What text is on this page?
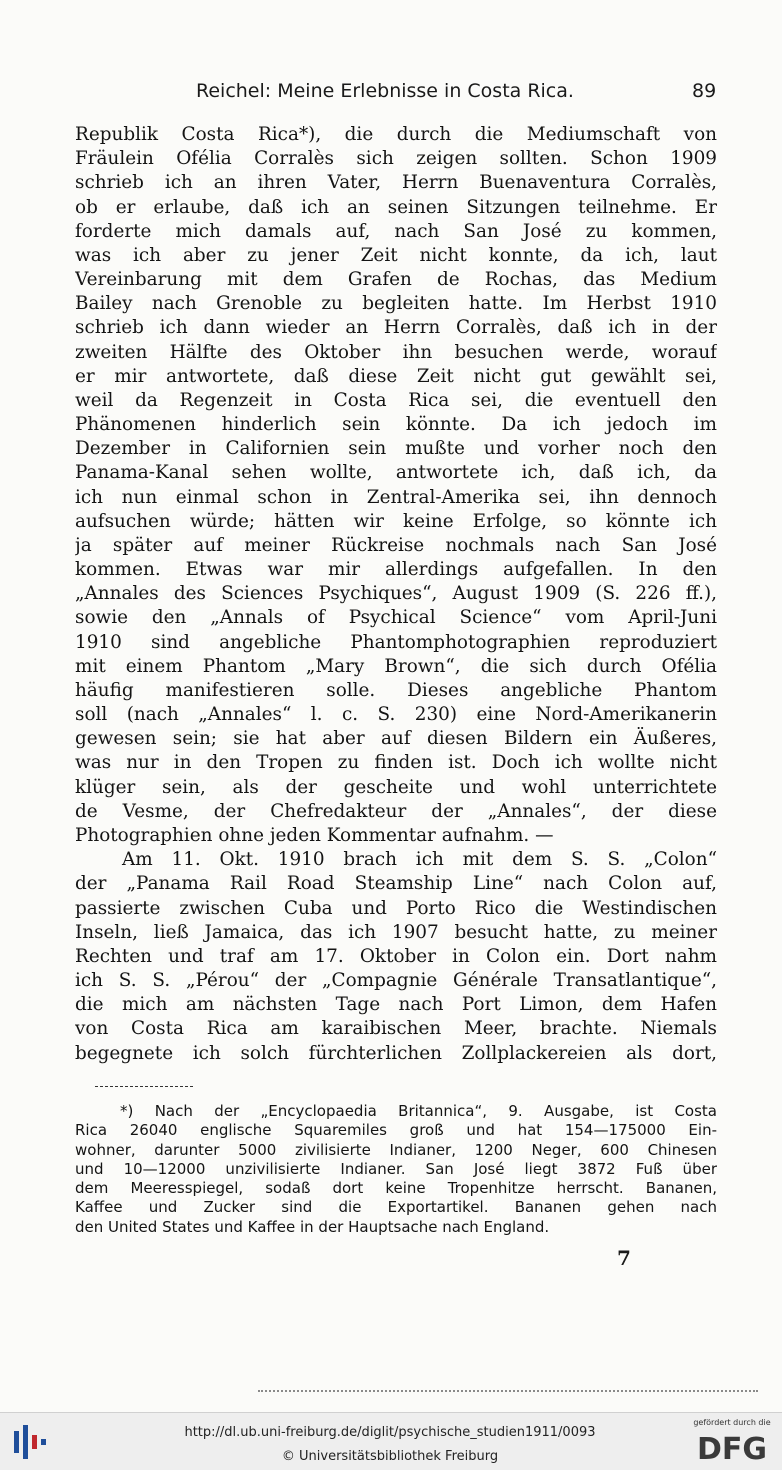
Reichel: Meine Erlebnisse in Costa Rica.	89
Republik Costa Rica*), die durch die Mediumschaft von
Fräulein Ofélia Corralès sich zeigen sollten. Schon 1909
schrieb ich an ihren Vater, Herrn Buenaventura Corralès,
ob er erlaube, daß ich an seinen Sitzungen teilnehme. Er
forderte mich damals auf, nach San José zu kommen,
was ich aber zu jener Zeit nicht konnte, da ich, laut
Vereinbarung mit dem Grafen de Rochas, das Medium
Bailey nach Grenoble zu begleiten hatte. Im Herbst 1910
schrieb ich dann wieder an Herrn Corralès, daß ich in der
zweiten Hälfte des Oktober ihn besuchen werde, worauf
er mir antwortete, daß diese Zeit nicht gut gewählt sei,
weil da Regenzeit in Costa Rica sei, die eventuell den
Phänomenen hinderlich sein könnte. Da ich jedoch im
Dezember in Californien sein mußte und vorher noch den
Panama-Kanal sehen wollte, antwortete ich, daß ich, da
ich nun einmal schon in Zentral-Amerika sei, ihn dennoch
aufsuchen würde; hätten wir keine Erfolge, so könnte ich
ja später auf meiner Rückreise nochmals nach San José
kommen. Etwas war mir allerdings aufgefallen. In den
„Annales des Sciences Psychiques“, August 1909 (S. 226 ff.),
sowie den „Annals of Psychical Science“ vom April-Juni
1910 sind angebliche Phantomphotographien reproduziert
mit einem Phantom „Mary Brown“, die sich durch Ofélia
häufig manifestieren solle. Dieses angebliche Phantom
soll (nach „Annales“ l. c. S. 230) eine Nord-Amerikanerin
gewesen sein; sie hat aber auf diesen Bildern ein Äußeres,
was nur in den Tropen zu finden ist. Doch ich wollte nicht
klüger sein, als der gescheite und wohl unterrichtete
de Vesme, der Chefredakteur der „Annales“, der diese
Photographien ohne jeden Kommentar aufnahm. —
Am 11. Okt. 1910 brach ich mit dem S. S. „Colon“
der „Panama Rail Road Steamship Line“ nach Colon auf,
passierte zwischen Cuba und Porto Rico die Westindischen
Inseln, ließ Jamaica, das ich 1907 besucht hatte, zu meiner
Rechten und traf am 17. Oktober in Colon ein. Dort nahm
ich S. S. „Pérou“ der „Compagnie Générale Transatlantique“,
die mich am nächsten Tage nach Port Limon, dem Hafen
von Costa Rica am karaibischen Meer, brachte. Niemals
begegnete ich solch fürchterlichen Zollplackereien als dort,
*) Nach der „Encyclopaedia Britannica“, 9. Ausgabe, ist Costa
Rica 26040 englische Squaremiles groß und hat 154—175000 Ein-
wohner, darunter 5000 zivilisierte Indianer, 1200 Neger, 600 Chinesen
und 10—12000 unzivilisierte Indianer. San José liegt 3872 Fuß über
dem Meeresspiegel, sodaß dort keine Tropenhitze herrscht. Bananen,
Kaffee und Zucker sind die Exportartikel. Bananen gehen nach
den United States und Kaffee in der Hauptsache nach England.
7
http://dl.ub.uni-freiburg.de/diglit/psychische_studien1911/0093
© Universitätsbibliothek Freiburg
gefördert durch die
DFG
